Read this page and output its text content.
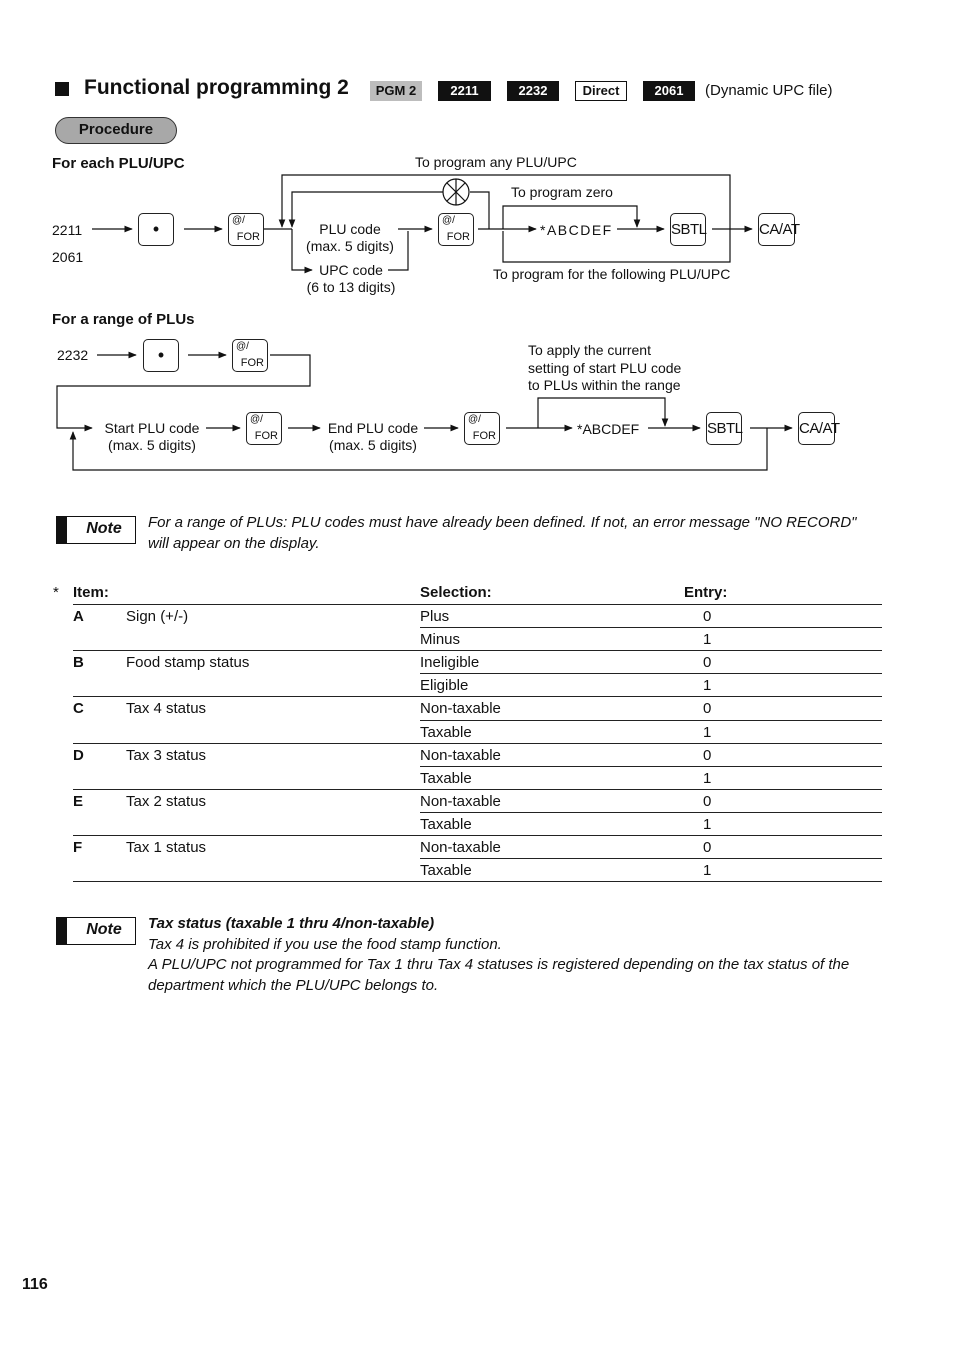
Functional programming 2	PGM 2	2211	2232	Direct	2061	(Dynamic UPC file)
Procedure
For each PLU/UPC	To program any PLU/UPC
To program zero
2211
2061
PLU code
(max. 5 digits)
UPC code
(6 to 13 digits)
*ABCDEF
To program for the following PLU/UPC
•	@/
FOR
@/
FOR	SBTL	CA/AT
For a range of PLUs
2232	To apply the current
setting of start PLU code
to PLUs within the range
Start PLU code
(max. 5 digits)
End PLU code
(max. 5 digits)
*ABCDEF
•	@/
FOR
@/
FOR
@/
FOR	SBTL	CA/AT
Note	For a range of PLUs: PLU codes must have already been defined. If not, an error message "NO RECORD" will appear on the display.
* Item:	Selection:	Entry:
A	Sign (+/-)	Plus	0
Minus	1
B	Food stamp status	Ineligible	0
Eligible	1
C	Tax 4 status	Non-taxable	0
Taxable	1
D	Tax 3 status	Non-taxable	0
Taxable	1
E	Tax 2 status	Non-taxable	0
Taxable	1
F	Tax 1 status	Non-taxable	0
Taxable	1
Note	Tax status (taxable 1 thru 4/non-taxable)
Tax 4 is prohibited if you use the food stamp function.
A PLU/UPC not programmed for Tax 1 thru Tax 4 statuses is registered depending on the tax status of the department which the PLU/UPC belongs to.
116
